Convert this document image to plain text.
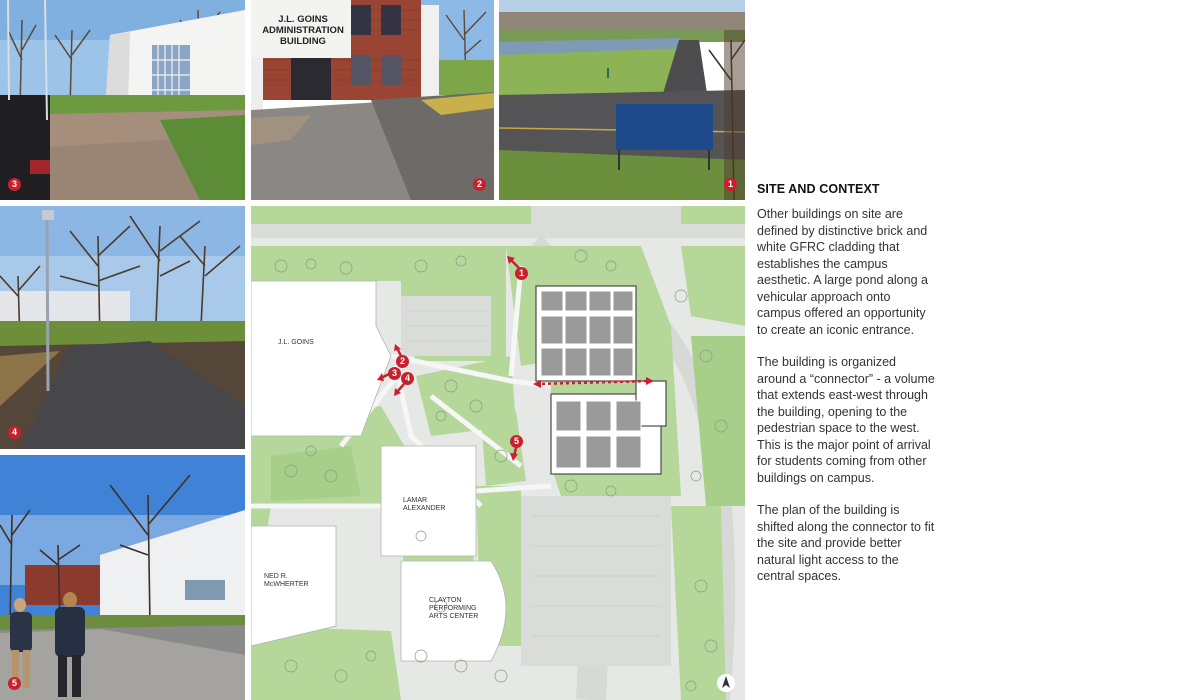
3
J.L. GOINS
ADMINISTRATION
BUILDING
2	1
4
5
J.L. GOINS
LAMAR ALEXANDER
NED R. McWHERTER
CLAYTON PERFORMING ARTS CENTER
1
2
3 4
5
SITE AND CONTEXT

Other buildings on site are defined by distinctive brick and white GFRC cladding that establishes the campus aesthetic. A large pond along a vehicular approach onto campus offered an opportunity to create an iconic entrance.

The building is organized around a “connector” - a volume that extends east-west through the building, opening to the pedestrian space to the west. This is the major point of arrival for students coming from other buildings on campus.

The plan of the building is shifted along the connector to fit the site and provide better natural light access to the central spaces.
